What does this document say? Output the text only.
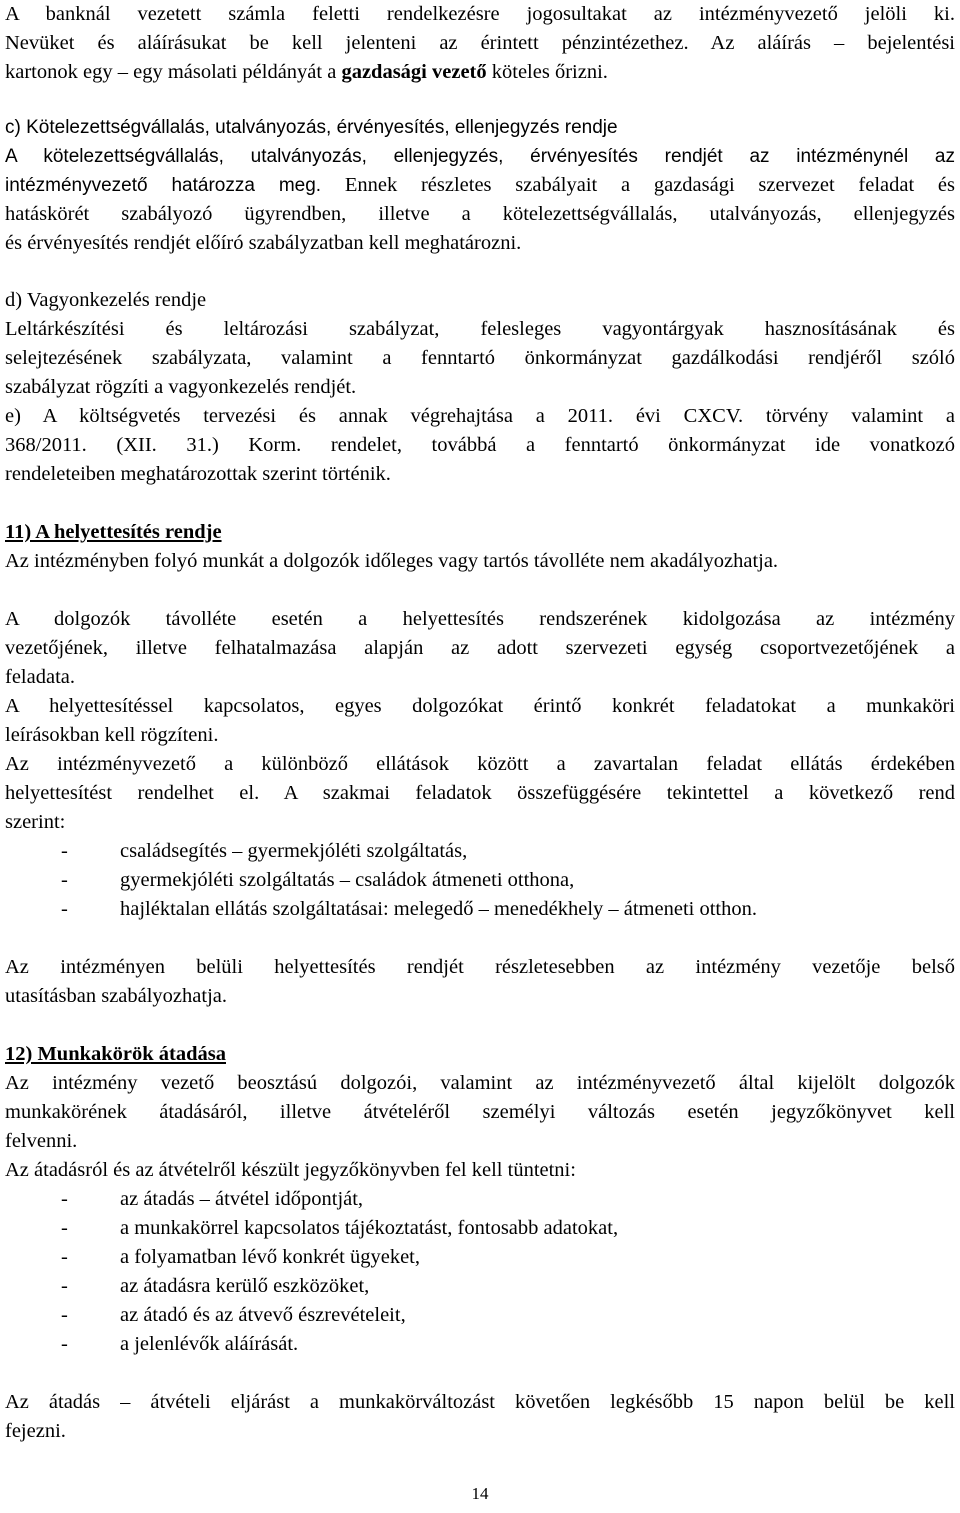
A banknál vezetett számla feletti rendelkezésre jogosultakat az intézményvezető jelöli ki.
Nevüket és aláírásukat be kell jelenteni az érintett pénzintézethez. Az aláírás – bejelentési
kartonok egy – egy másolati példányát a gazdasági vezető köteles őrizni.
c) Kötelezettségvállalás, utalványozás, érvényesítés, ellenjegyzés rendje
A kötelezettségvállalás, utalványozás, ellenjegyzés, érvényesítés rendjét az intézménynél az
intézményvezető határozza meg. Ennek részletes szabályait a gazdasági szervezet feladat és
hatáskörét szabályozó ügyrendben, illetve a kötelezettségvállalás, utalványozás, ellenjegyzés
és érvényesítés rendjét előíró szabályzatban kell meghatározni.
d) Vagyonkezelés rendje
Leltárkészítési és leltározási szabályzat, felesleges vagyontárgyak hasznosításának és
selejtezésének szabályzata, valamint a fenntartó önkormányzat gazdálkodási rendjéről szóló
szabályzat rögzíti a vagyonkezelés rendjét.
e) A költségvetés tervezési és annak végrehajtása a 2011. évi CXCV. törvény valamint a
368/2011. (XII. 31.) Korm. rendelet, továbbá a fenntartó önkormányzat ide vonatkozó
rendeleteiben meghatározottak szerint történik.
11) A helyettesítés rendje
Az intézményben folyó munkát a dolgozók időleges vagy tartós távolléte nem akadályozhatja.
A dolgozók távolléte esetén a helyettesítés rendszerének kidolgozása az intézmény
vezetőjének, illetve felhatalmazása alapján az adott szervezeti egység csoportvezetőjének a
feladata.
A helyettesítéssel kapcsolatos, egyes dolgozókat érintő konkrét feladatokat a munkaköri
leírásokban kell rögzíteni.
Az intézményvezető a különböző ellátások között a zavartalan feladat ellátás érdekében
helyettesítést rendelhet el. A szakmai feladatok összefüggésére tekintettel a következő rend
szerint:
-	családsegítés – gyermekjóléti szolgáltatás,
-	gyermekjóléti szolgáltatás – családok átmeneti otthona,
-	hajléktalan ellátás szolgáltatásai: melegedő – menedékhely – átmeneti otthon.
Az intézményen belüli helyettesítés rendjét részletesebben az intézmény vezetője belső
utasításban szabályozhatja.
12) Munkakörök átadása
Az intézmény vezető beosztású dolgozói, valamint az intézményvezető által kijelölt dolgozók
munkakörének átadásáról, illetve átvételéről személyi változás esetén jegyzőkönyvet kell
felvenni.
Az átadásról és az átvételről készült jegyzőkönyvben fel kell tüntetni:
-	az átadás – átvétel időpontját,
-	a munkakörrel kapcsolatos tájékoztatást, fontosabb adatokat,
-	a folyamatban lévő konkrét ügyeket,
-	az átadásra kerülő eszközöket,
-	az átadó és az átvevő észrevételeit,
-	a jelenlévők aláírását.
Az átadás – átvételi eljárást a munkakörváltozást követően legkésőbb 15 napon belül be kell
fejezni.
14
